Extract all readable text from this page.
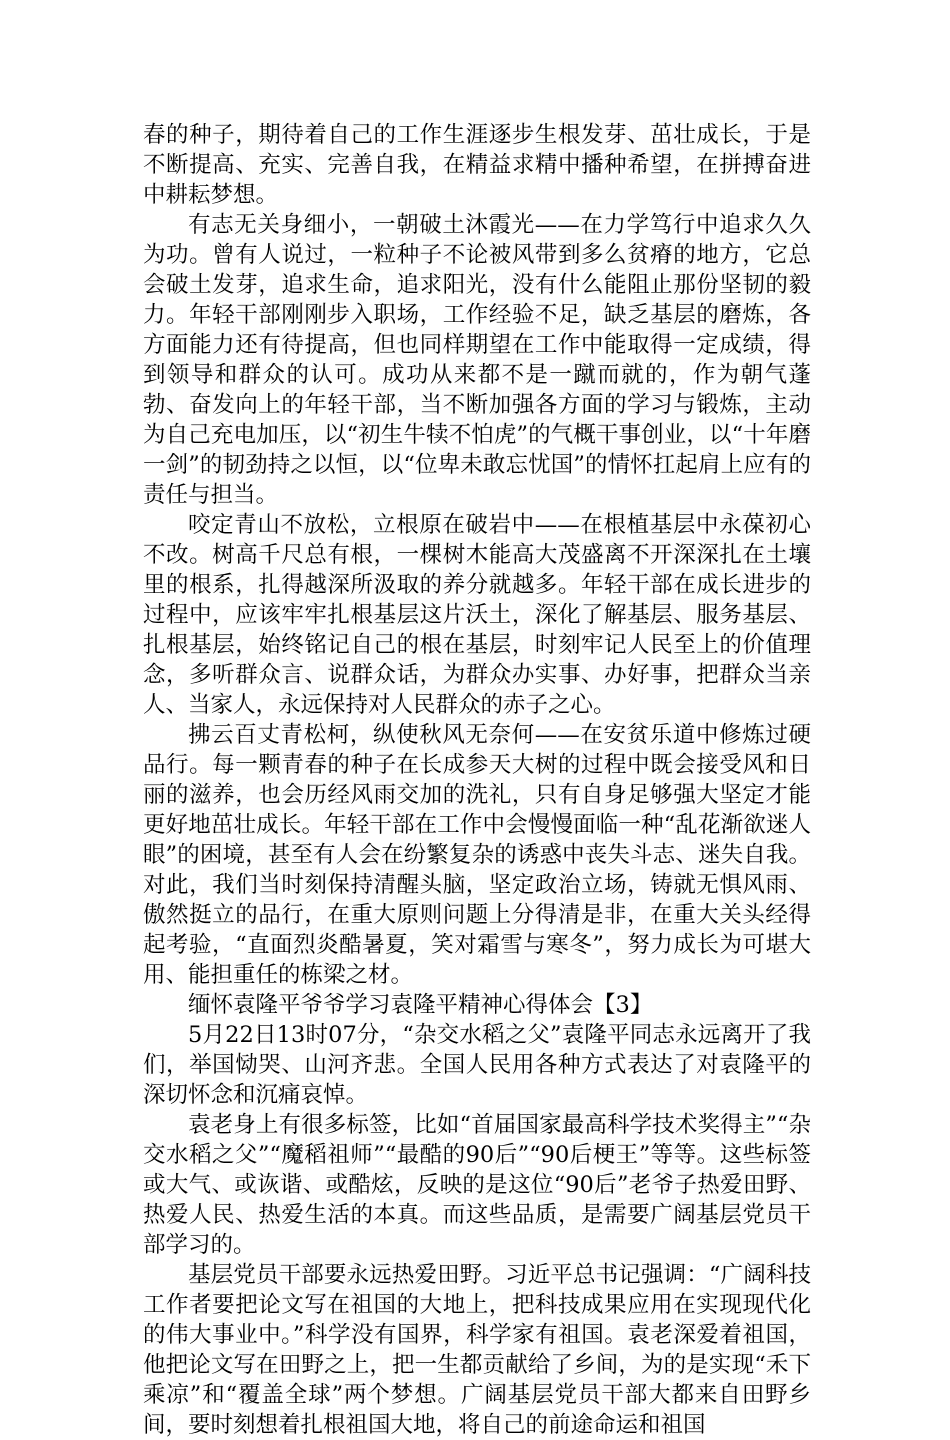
春的种子，期待着自己的工作生涯逐步生根发芽、茁壮成长，于是不断提高、充实、完善自我，在精益求精中播种希望，在拼搏奋进中耕耘梦想。

有志无关身细小，一朝破土沐霞光——在力学笃行中追求久久为功。曾有人说过，一粒种子不论被风带到多么贫瘠的地方，它总会破土发芽，追求生命，追求阳光，没有什么能阻止那份坚韧的毅力。年轻干部刚刚步入职场，工作经验不足，缺乏基层的磨炼，各方面能力还有待提高，但也同样期望在工作中能取得一定成绩，得到领导和群众的认可。成功从来都不是一蹴而就的，作为朝气蓬勃、奋发向上的年轻干部，当不断加强各方面的学习与锻炼，主动为自己充电加压，以“初生牛犊不怕虎”的气概干事创业，以“十年磨一剑”的韧劲持之以恒，以“位卑未敢忘忧国”的情怀扛起肩上应有的责任与担当。

咬定青山不放松，立根原在破岩中——在根植基层中永葆初心不改。树高千尺总有根，一棵树木能高大茂盛离不开深深扎在土壤里的根系，扎得越深所汲取的养分就越多。年轻干部在成长进步的过程中，应该牢牢扎根基层这片沃土，深化了解基层、服务基层、扎根基层，始终铭记自己的根在基层，时刻牢记人民至上的价值理念，多听群众言、说群众话，为群众办实事、办好事，把群众当亲人、当家人，永远保持对人民群众的赤子之心。

拂云百丈青松柯，纵使秋风无奈何——在安贫乐道中修炼过硬品行。每一颗青春的种子在长成参天大树的过程中既会接受风和日丽的滋养，也会历经风雨交加的洗礼，只有自身足够强大坚定才能更好地茁壮成长。年轻干部在工作中会慢慢面临一种“乱花渐欲迷人眼”的困境，甚至有人会在纷繁复杂的诱惑中丧失斗志、迷失自我。对此，我们当时刻保持清醒头脑，坚定政治立场，铸就无惧风雨、傲然挺立的品行，在重大原则问题上分得清是非，在重大关头经得起考验，“直面烈炎酷暑夏，笑对霜雪与寒冬”，努力成长为可堪大用、能担重任的栋梁之材。

缅怀袁隆平爷爷学习袁隆平精神心得体会【3】

5月22日13时07分，“杂交水稻之父”袁隆平同志永远离开了我们，举国恸哭、山河齐悲。全国人民用各种方式表达了对袁隆平的深切怀念和沉痛哀悼。

袁老身上有很多标签，比如“首届国家最高科学技术奖得主”“杂交水稻之父”“魔稻祖师”“最酷的90后”“90后梗王”等等。这些标签或大气、或诙谐、或酷炫，反映的是这位“90后”老爷子热爱田野、热爱人民、热爱生活的本真。而这些品质，是需要广阔基层党员干部学习的。

基层党员干部要永远热爱田野。习近平总书记强调：“广阔科技工作者要把论文写在祖国的大地上，把科技成果应用在实现现代化的伟大事业中。”科学没有国界，科学家有祖国。袁老深爱着祖国，他把论文写在田野之上，把一生都贡献给了乡间，为的是实现“禾下乘凉”和“覆盖全球”两个梦想。广阔基层党员干部大都来自田野乡间，要时刻想着扎根祖国大地，将自己的前途命运和祖国
